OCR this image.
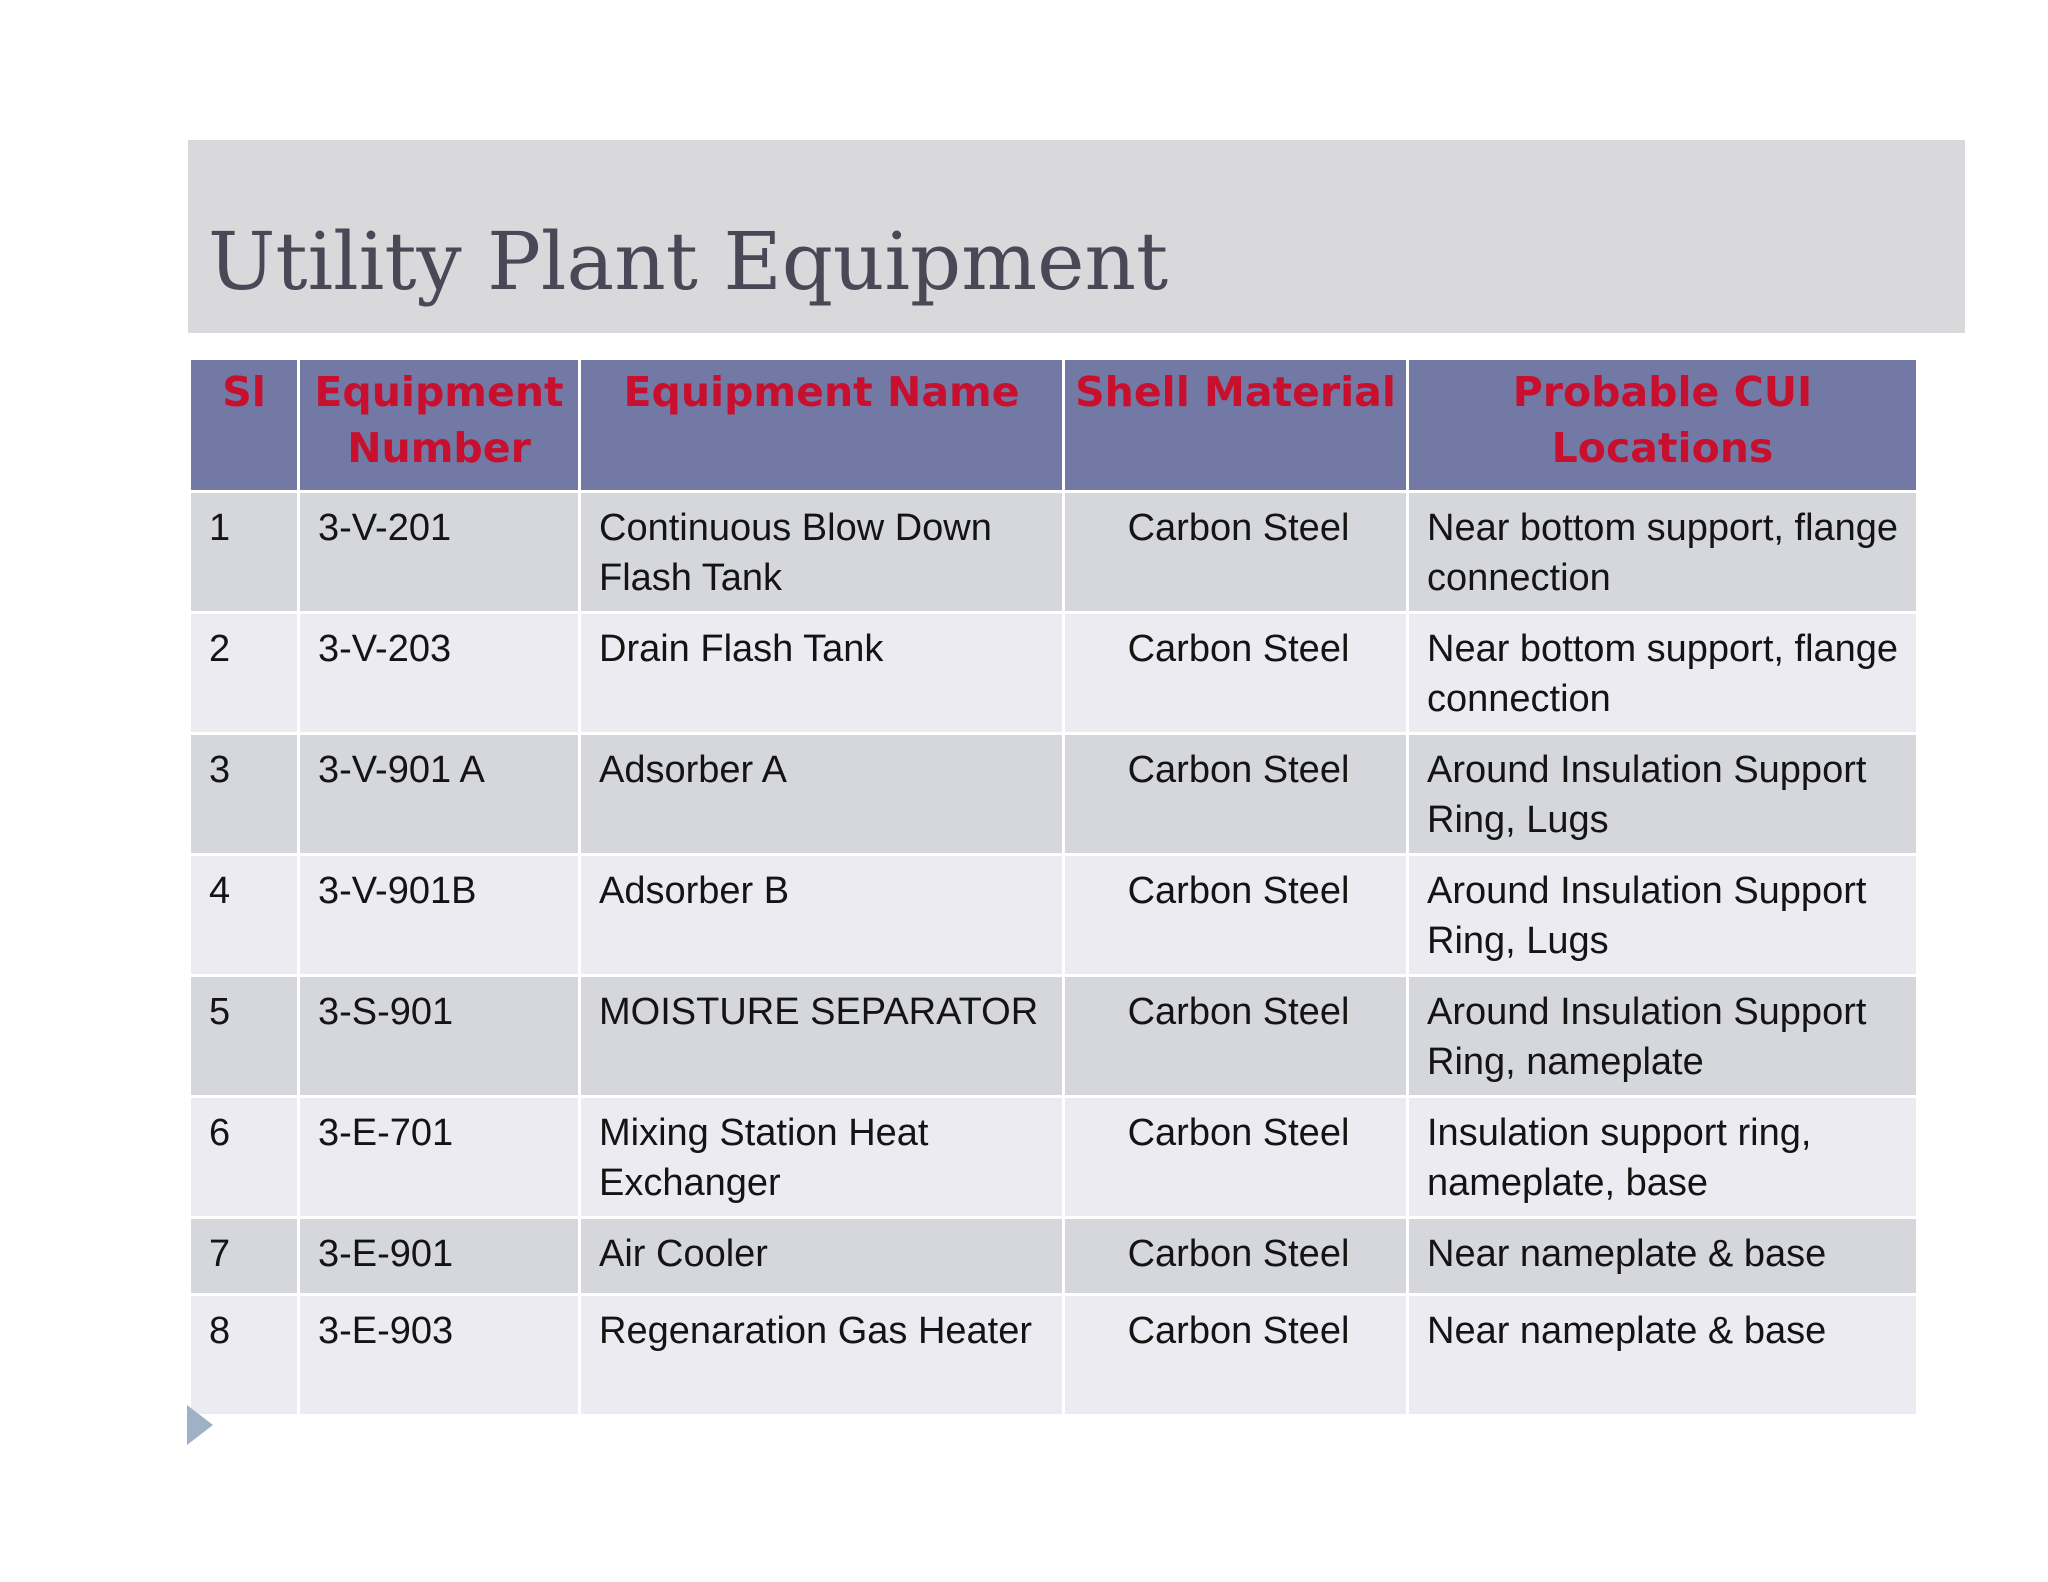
Utility Plant Equipment
Sl	Equipment Number	Equipment Name	Shell Material	Probable CUI Locations
1	3-V-201	Continuous Blow Down Flash Tank	Carbon Steel	Near bottom support, flange connection
2	3-V-203	Drain Flash Tank	Carbon Steel	Near bottom support, flange connection
3	3-V-901 A	Adsorber A	Carbon Steel	Around Insulation Support Ring, Lugs
4	3-V-901B	Adsorber B	Carbon Steel	Around Insulation Support Ring, Lugs
5	3-S-901	MOISTURE SEPARATOR	Carbon Steel	Around Insulation Support Ring, nameplate
6	3-E-701	Mixing Station Heat Exchanger	Carbon Steel	Insulation support ring, nameplate, base
7	3-E-901	Air Cooler	Carbon Steel	Near nameplate & base
8	3-E-903	Regenaration Gas Heater	Carbon Steel	Near nameplate & base
